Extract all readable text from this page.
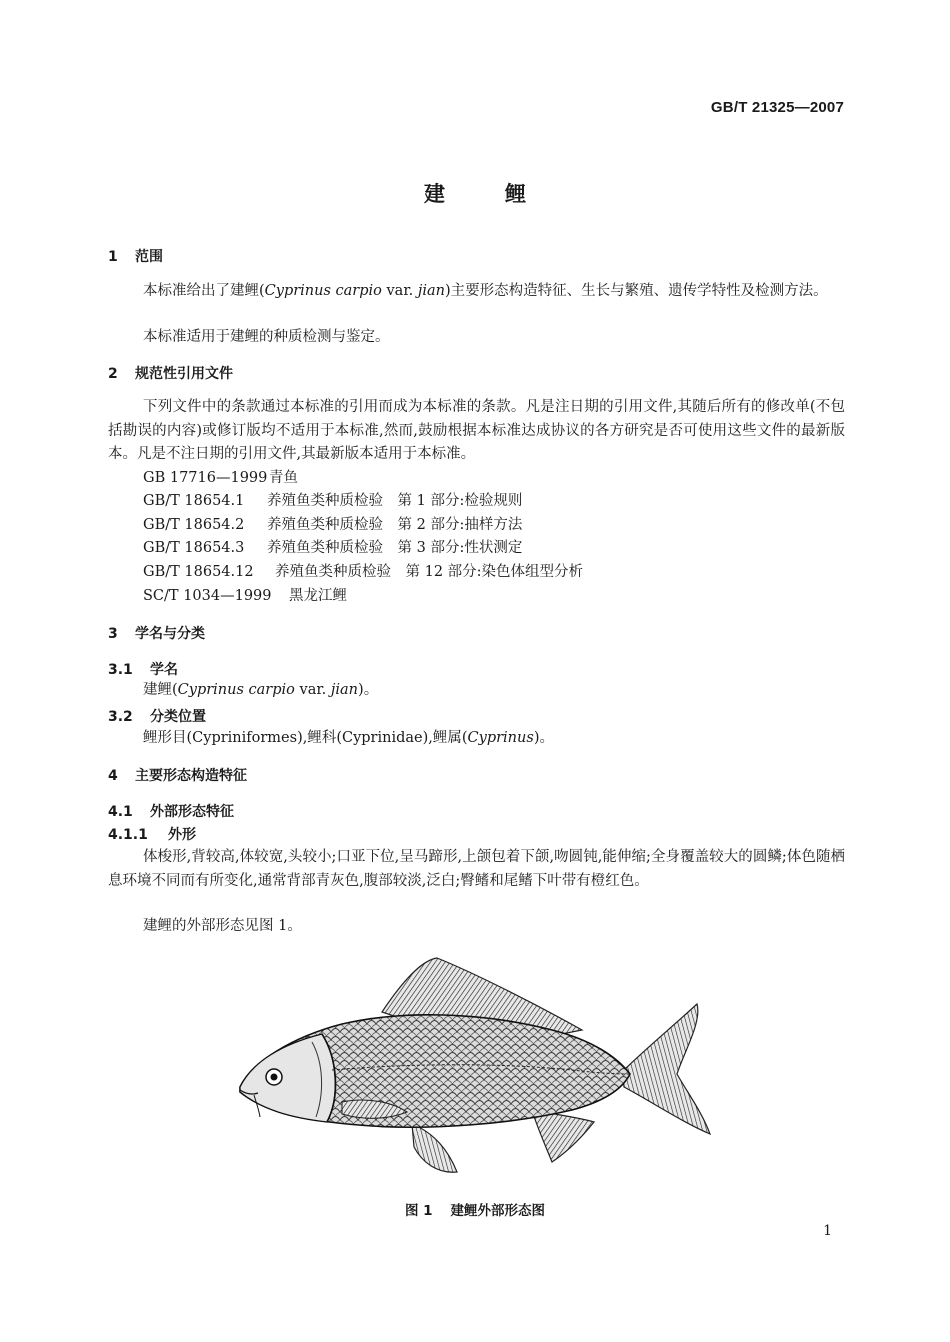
GB/T 21325—2007
建	鲤
1 范围
本标准给出了建鲤(Cyprinus carpio var. jian)主要形态构造特征、生长与繁殖、遗传学特性及检测方法。
本标准适用于建鲤的种质检测与鉴定。
2 规范性引用文件
下列文件中的条款通过本标准的引用而成为本标准的条款。凡是注日期的引用文件,其随后所有的修改单(不包括勘误的内容)或修订版均不适用于本标准,然而,鼓励根据本标准达成协议的各方研究是否可使用这些文件的最新版本。凡是不注日期的引用文件,其最新版本适用于本标准。
GB 17716—1999 青鱼
GB/T 18654.1 养殖鱼类种质检验　第 1 部分:检验规则
GB/T 18654.2 养殖鱼类种质检验　第 2 部分:抽样方法
GB/T 18654.3 养殖鱼类种质检验　第 3 部分:性状测定
GB/T 18654.12 养殖鱼类种质检验　第 12 部分:染色体组型分析
SC/T 1034—1999 黑龙江鲤
3 学名与分类
3.1 学名
建鲤(Cyprinus carpio var. jian)。
3.2 分类位置
鲤形目(Cypriniformes),鲤科(Cyprinidae),鲤属(Cyprinus)。
4 主要形态构造特征
4.1 外部形态特征
4.1.1 外形
体梭形,背较高,体较宽,头较小;口亚下位,呈马蹄形,上颌包着下颌,吻圆钝,能伸缩;全身覆盖较大的圆鳞;体色随栖息环境不同而有所变化,通常背部青灰色,腹部较淡,泛白;臀鳍和尾鳍下叶带有橙红色。
建鲤的外部形态见图 1。
图 1 建鲤外部形态图
1
